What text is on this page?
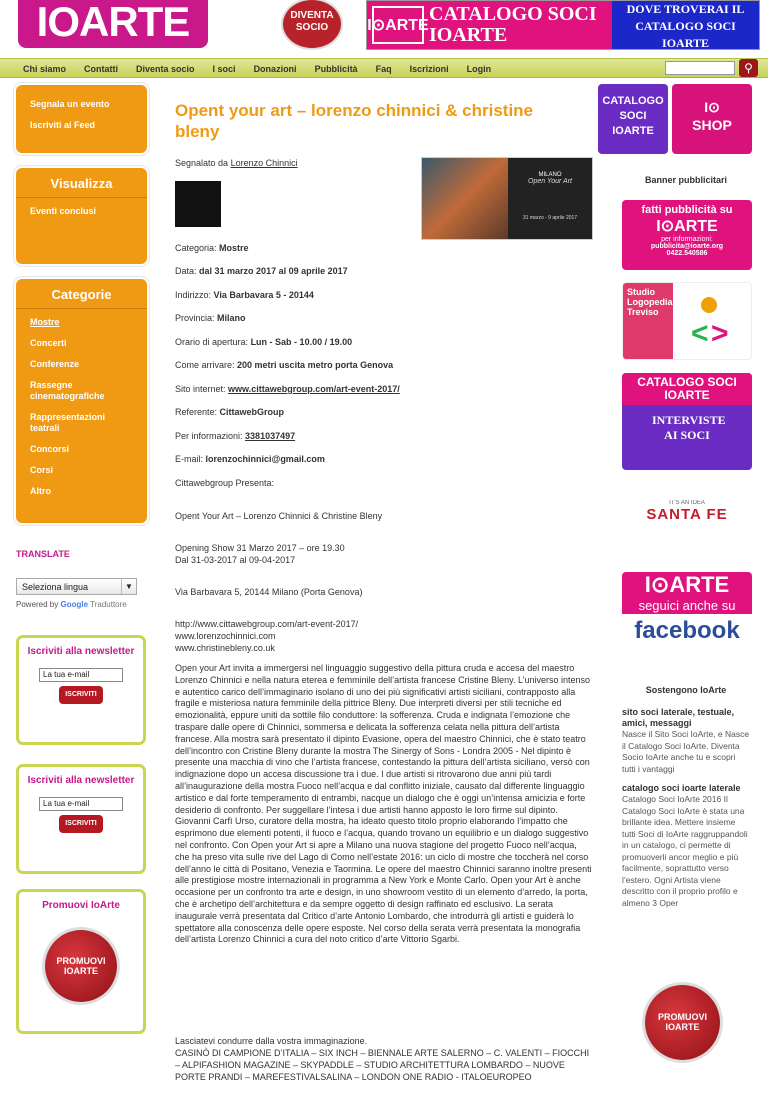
IOARTE	DIVENTA SOCIO	I⊙ARTE
CATALOGO SOCI IOARTE
DOVE TROVERAI IL CATALOGO SOCI IOARTE
Chi siamo	Contatti	Diventa socio	I soci	Donazioni	Pubblicità	Faq	Iscrizioni	Login	⚲
Segnala un evento
Iscriviti ai Feed
Visualizza
Eventi conclusi
Categorie
Mostre
Concerti
Conferenze
Rassegne cinematografiche
Rappresentazioni teatrali
Concorsi
Corsi
Altro
TRANSLATE
Seleziona lingua	▼
Powered by Google Traduttore
Iscriviti alla newsletter
La tua e-mail
ISCRIVITI
Iscriviti alla newsletter
La tua e-mail
ISCRIVITI
Promuovi IoArte
PROMUOVI IOARTE
Opent your art – lorenzo chinnici & christine bleny
Segnalato da Lorenzo Chinnici
MILANO
Open Your Art
31 marzo - 9 aprile 2017
Categoria: Mostre
Data: dal 31 marzo 2017 al 09 aprile 2017
Indirizzo: Via Barbavara 5 - 20144
Provincia: Milano
Orario di apertura: Lun - Sab - 10.00 / 19.00
Come arrivare: 200 metri uscita metro porta Genova
Sito internet: www.cittawebgroup.com/art-event-2017/
Referente: CittawebGroup
Per informazioni: 3381037497
E-mail: lorenzochinnici@gmail.com
Cittawebgroup Presenta:
Opent Your Art – Lorenzo Chinnici & Christine Bleny
Opening Show 31 Marzo 2017 – ore 19.30
Dal 31-03-2017 al 09-04-2017
Via Barbavara 5, 20144 Milano (Porta Genova)
http://www.cittawebgroup.com/art-event-2017/
www.lorenzochinnici.com
www.christinebleny.co.uk
Open your Art invita a immergersi nel linguaggio suggestivo della pittura cruda e accesa del maestro Lorenzo Chinnici e nella natura eterea e femminile dell’artista francese Cristine Bleny. L’universo intenso e autentico carico dell’immaginario isolano di uno dei più significativi artisti siciliani, contrapposto alla fragile e misteriosa natura femminile della pittrice Bleny. Due interpreti diversi per stili tecniche ed emozionalità, eppure uniti da sottile filo conduttore: la sofferenza. Cruda e indignata l’emozione che traspare dalle opere di Chinnici, sommersa e delicata la sofferenza celata nella pittura dell’artista francese. Alla mostra sarà presentato il dipinto Evasione, opera del maestro Chinnici, che è stato teatro dell’incontro con Cristine Bleny durante la mostra The Sinergy of Sons - Londra 2005 - Nel dipinto è presente una macchia di vino che l’artista francese, contestando la pittura dell’artista siciliano, versò con indignazione dopo un accesa discussione tra i due. I due artisti si ritrovarono due anni più tardi all’inaugurazione della mostra Fuoco nell’acqua e dal conflitto iniziale, causato dal differente linguaggio artistico e dal forte temperamento di entrambi, nacque un dialogo che è oggi un’intensa amicizia e forte desiderio di confronto. Per suggellare l’intesa i due artisti hanno apposto le loro firme sul dipinto. Giovanni Carfì Urso, curatore della mostra, ha ideato questo titolo proprio elaborando l’impatto che esprimono due elementi potenti, il fuoco e l’acqua, quando trovano un equilibrio e un dialogo suggestivo nel confronto. Con Open your Art si apre a Milano una nuova stagione del progetto Fuoco nell’acqua, che ha preso vita sulle rive del Lago di Como nell’estate 2016: un ciclo di mostre che toccherà nel corso dell’anno le città di Positano, Venezia e Taormina. Le opere del maestro Chinnici saranno inoltre presenti alle prestigiose mostre internazionali in programma a New York e Monte Carlo. Open your Art è anche occasione per un confronto tra arte e design, in uno showroom vestito di un elemento d’arredo, la porta, che è archetipo dell’architettura e da sempre oggetto di design raffinato ed esclusivo. La serata inaugurale verrà presentata dal Critico d’arte Antonio Lombardo, che introdurrà gli artisti e guiderà lo spettatore alla conoscenza delle opere esposte. Nel corso della serata verrà presentata la monografia dell’artista Lorenzo Chinnici a cura del noto critico d’arte Vittorio Sgarbi.
Lasciatevi condurre dalla vostra immaginazione.
CASINÒ DI CAMPIONE D’ITALIA – SIX INCH – BIENNALE ARTE SALERNO – C. VALENTI – FIOCCHI – ALPIFASHION MAGAZINE – SKYPADDLE – STUDIO ARCHITETTURA LOMBARDO – NUOVE PORTE PRANDI – MAREFESTIVALSALINA – LONDON ONE RADIO - ITALOEUROPEO
CATALOGO SOCI IOARTE
I⊙
SHOP
Banner pubblicitari
fatti pubblicità su
I⊙ARTE
per informazioni:
pubblicita@ioarte.org
0422.540586
Studio Logopedia Treviso
< >
CATALOGO SOCI IOARTE
INTERVISTE AI SOCI
IT'S AN IDEA
SANTA FE
I⊙ARTE
seguici anche su
facebook
Sostengono IoArte
sito soci laterale, testuale, amici, messaggi
Nasce il Sito Soci IoArte, e Nasce il Catalogo Soci IoArte. Diventa Socio IoArte anche tu e scopri tutti i vantaggi
catalogo soci ioarte laterale
Catalogo Soci IoArte 2016 Il Catalogo Soci IoArte è stata una brillante idea. Mettere insieme tutti Soci di IoArte raggruppandoli in un catalogo, ci permette di promuoverli ancor meglio e più facilmente, soprattutto verso l’estero. Ogni Artista viene descritto con il proprio profilo e almeno 3 Oper
PROMUOVI IOARTE
